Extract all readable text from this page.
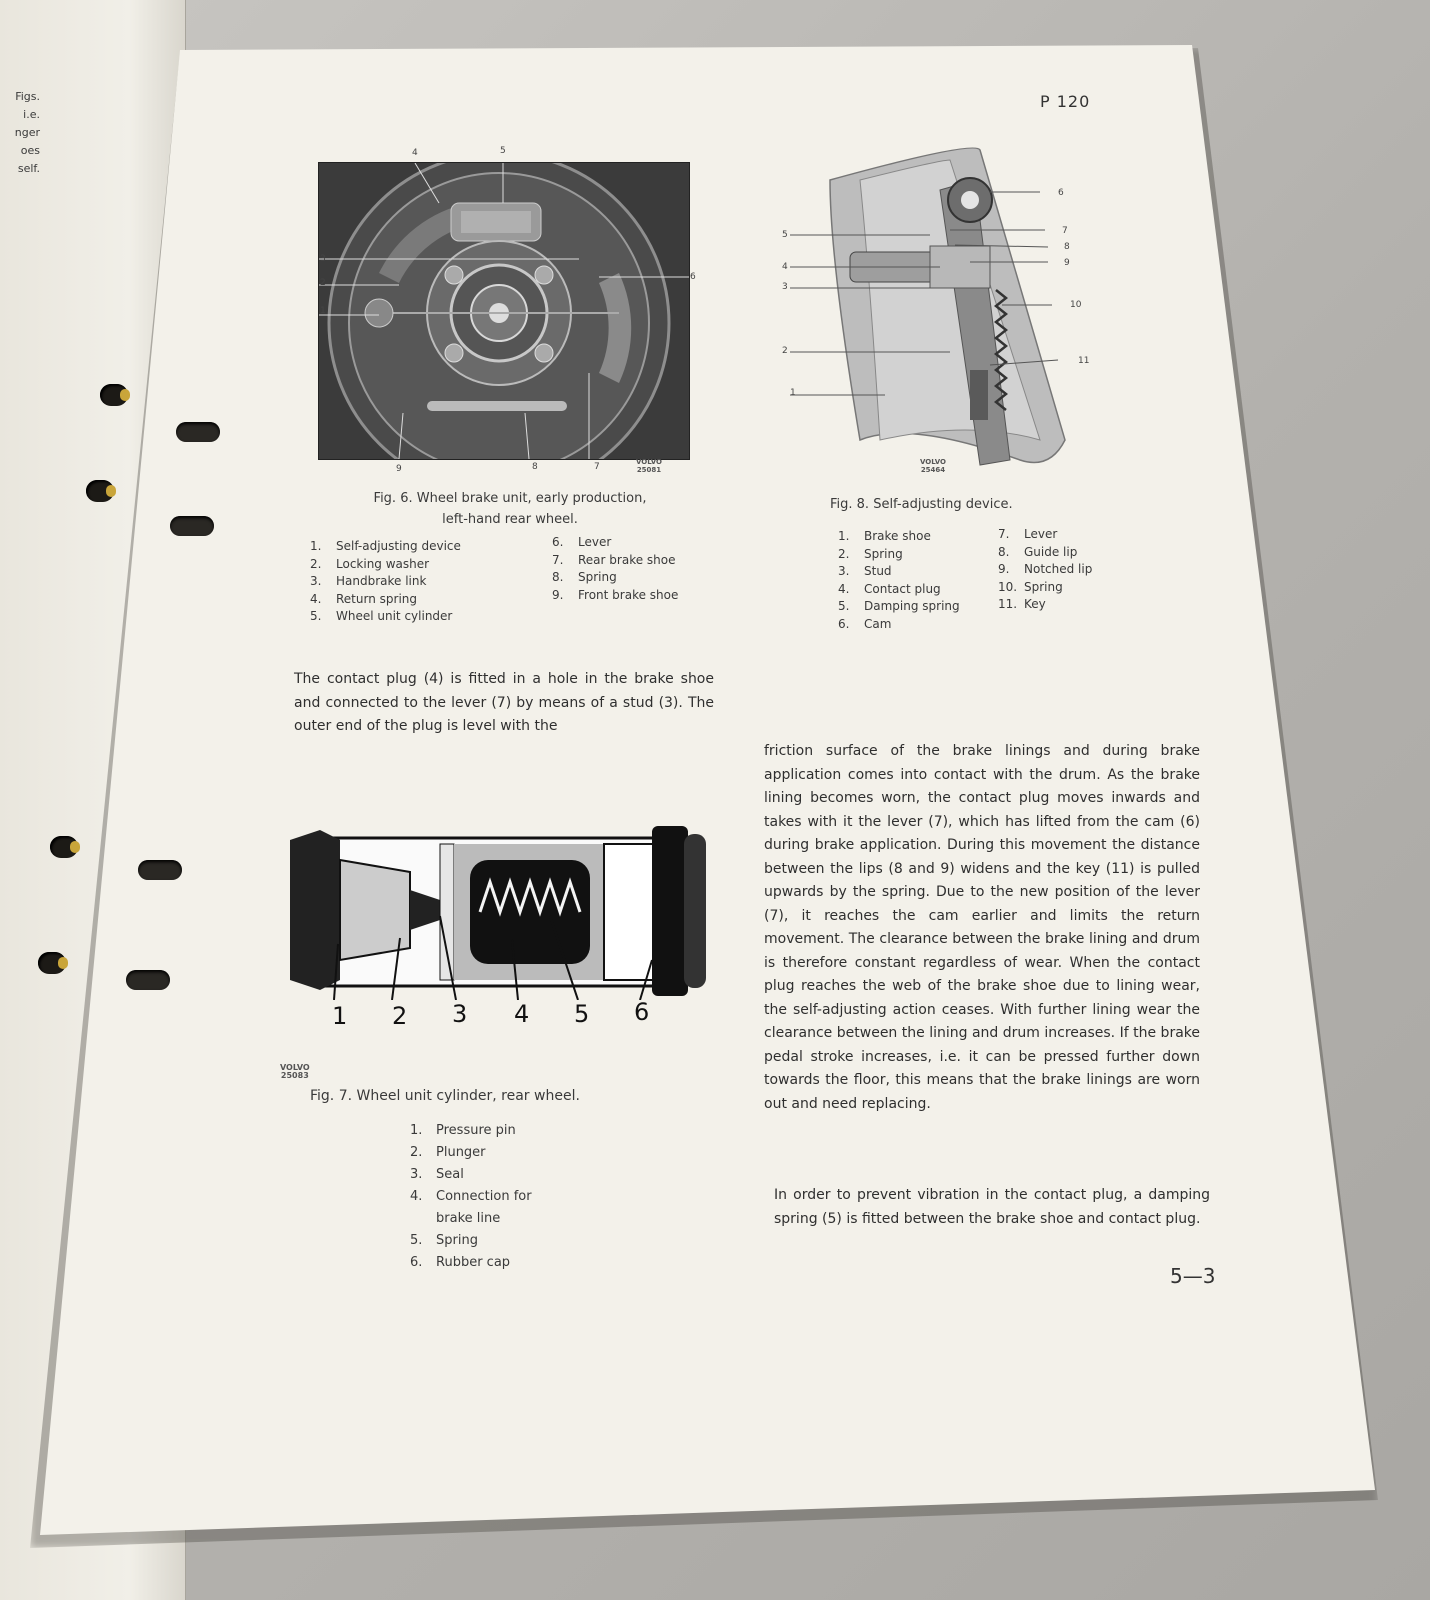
Figs.
i.e.
nger
oes
self.
P 120
1
2
3
4	5
6
7
8
9
VOLVO
25081
Fig. 6. Wheel brake unit, early production,
left-hand rear wheel.
1. Self-adjusting device
2. Locking washer
3. Handbrake link
4. Return spring
5. Wheel unit cylinder
6. Lever
7. Rear brake shoe
8. Spring
9. Front brake shoe
1
2
3
4
5
6
7
8
9
10
11
VOLVO
25464
Fig. 8. Self-adjusting device.
1. Brake shoe
2. Spring
3. Stud
4. Contact plug
5. Damping spring
6. Cam
7. Lever
8. Guide lip
9. Notched lip
10. Spring
11. Key
The contact plug (4) is fitted in a hole in the brake shoe and connected to the lever (7) by means of a stud (3). The outer end of the plug is level with the
1 2 3 4 5 6
VOLVO
25083
Fig. 7. Wheel unit cylinder, rear wheel.
1. Pressure pin
2. Plunger
3. Seal
4. Connection for
brake line
5. Spring
6. Rubber cap
friction surface of the brake linings and during brake application comes into contact with the drum. As the brake lining becomes worn, the contact plug moves inwards and takes with it the lever (7), which has lifted from the cam (6) during brake application. During this movement the distance between the lips (8 and 9) widens and the key (11) is pulled upwards by the spring. Due to the new position of the lever (7), it reaches the cam earlier and limits the return movement. The clearance between the brake lining and drum is therefore constant regardless of wear. When the contact plug reaches the web of the brake shoe due to lining wear, the self-adjusting action ceases. With further lining wear the clearance between the lining and drum increases. If the brake pedal stroke increases, i.e. it can be pressed further down towards the floor, this means that the brake linings are worn out and need replacing.
In order to prevent vibration in the contact plug, a damping spring (5) is fitted between the brake shoe and contact plug.
5—3
